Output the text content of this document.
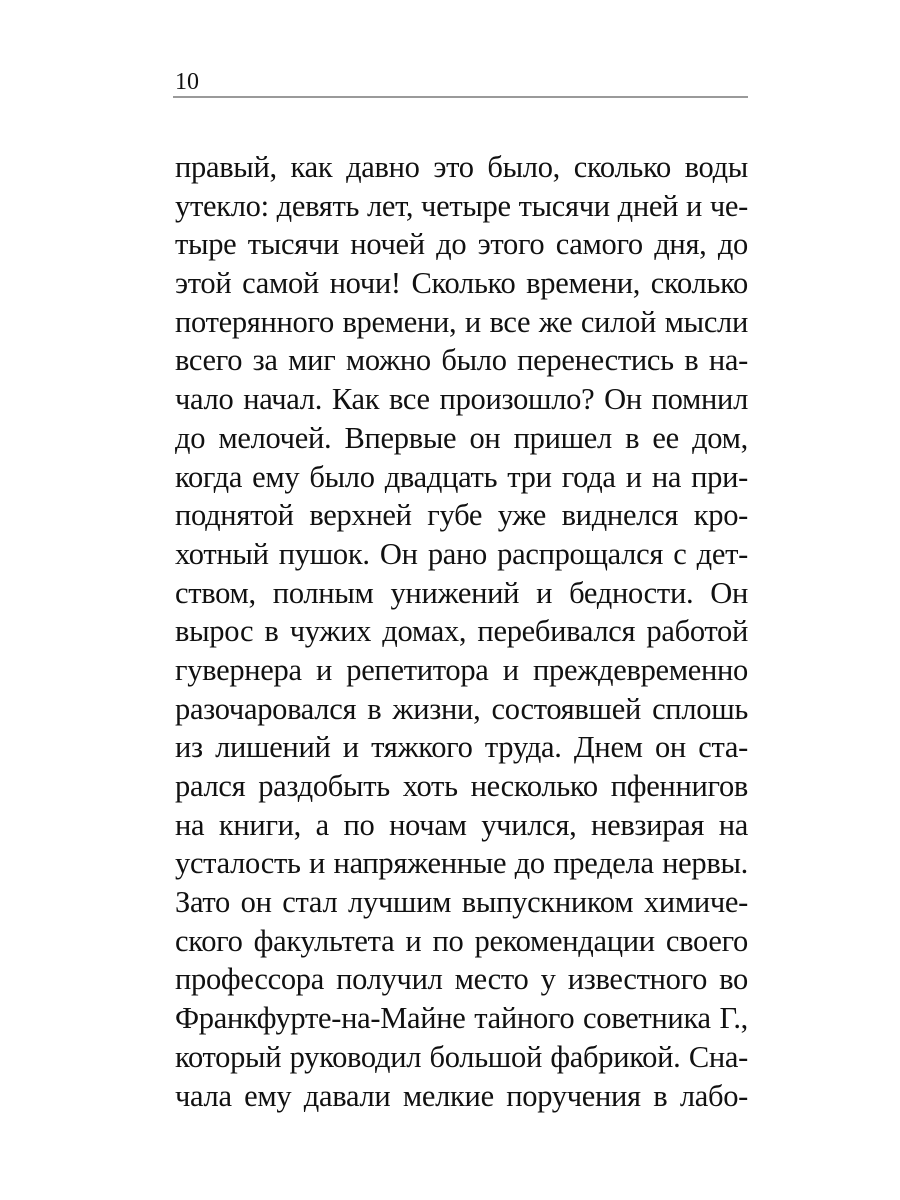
10
правый, как давно это было, сколько воды
утекло: девять лет, четыре тысячи дней и че-
тыре тысячи ночей до этого самого дня, до
этой самой ночи! Сколько времени, сколько
потерянного времени, и все же силой мысли
всего за миг можно было перенестись в на-
чало начал. Как все произошло? Он помнил
до мелочей. Впервые он пришел в ее дом,
когда ему было двадцать три года и на при-
поднятой верхней губе уже виднелся кро-
хотный пушок. Он рано распрощался с дет-
ством, полным унижений и бедности. Он
вырос в чужих домах, перебивался работой
гувернера и репетитора и преждевременно
разочаровался в жизни, состоявшей сплошь
из лишений и тяжкого труда. Днем он ста-
рался раздобыть хоть несколько пфеннигов
на книги, а по ночам учился, невзирая на
усталость и напряженные до предела нервы.
Зато он стал лучшим выпускником химиче-
ского факультета и по рекомендации своего
профессора получил место у известного во
Франкфурте-на-Майне тайного советника Г.,
который руководил большой фабрикой. Сна-
чала ему давали мелкие поручения в лабо-
